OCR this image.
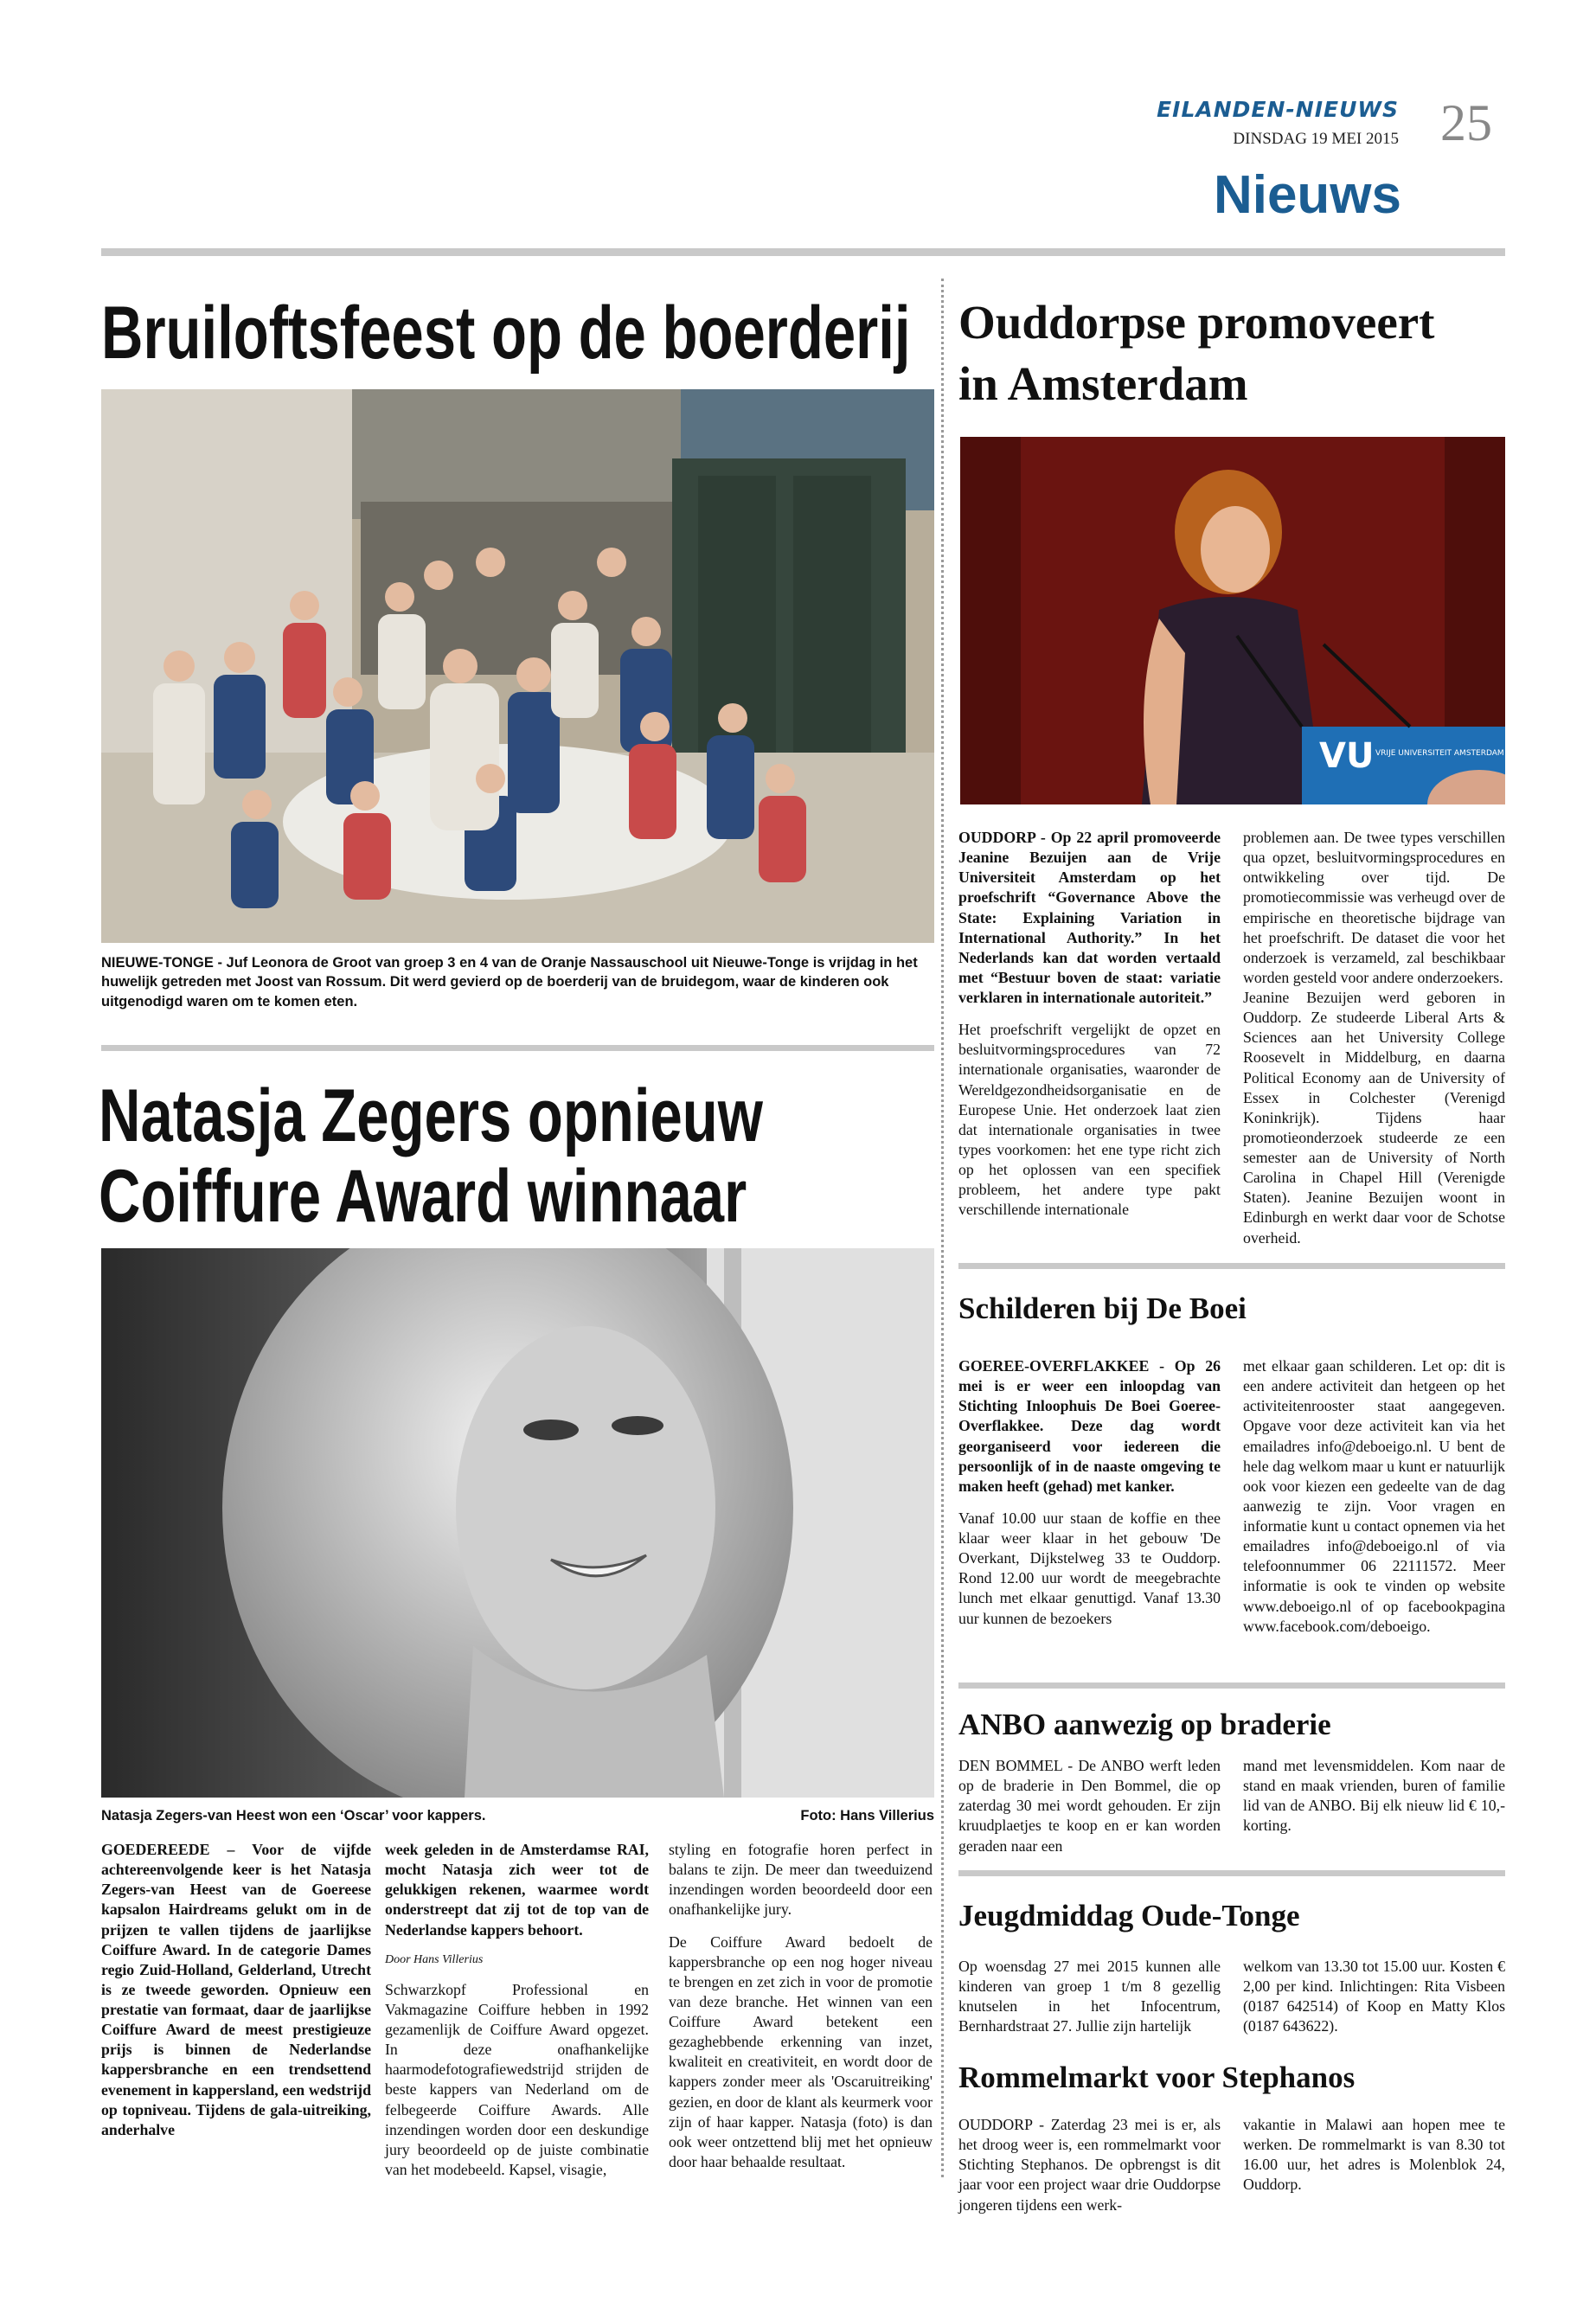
EILANDEN-NIEUWS
DINSDAG 19 MEI 2015 25
Nieuws
Bruiloftsfeest op de boerderij
NIEUWE-TONGE - Juf Leonora de Groot van groep 3 en 4 van de Oranje Nassauschool uit Nieuwe-Tonge is vrijdag in het huwelijk getreden met Joost van Rossum. Dit werd gevierd op de boerderij van de bruidegom, waar de kinderen ook uitgenodigd waren om te komen eten.
Natasja Zegers opnieuw
Coiffure Award winnaar
Natasja Zegers-van Heest won een ‘Oscar’ voor kappers.	Foto: Hans Villerius

GOEDEREEDE – Voor de vijfde achtereenvolgende keer is het Natasja Zegers-van Heest van de Goereese kapsalon Hairdreams gelukt om in de prijzen te vallen tijdens de jaarlijkse Coiffure Award. In de categorie Dames regio Zuid-Holland, Gelderland, Utrecht is ze tweede geworden. Opnieuw een prestatie van formaat, daar de jaarlijkse Coiffure Award de meest prestigieuze prijs is binnen de Nederlandse kappersbranche en een trendsettend evenement in kappersland, een wedstrijd op topniveau. Tijdens de gala-uitreiking, anderhalve

week geleden in de Amsterdamse RAI, mocht Natasja zich weer tot de gelukkigen rekenen, waarmee wordt onderstreept dat zij tot de top van de Nederlandse kappers behoort.

Door Hans Villerius

Schwarzkopf Professional en Vakmagazine Coiffure hebben in 1992 gezamenlijk de Coiffure Award opgezet. In deze onafhankelijke haarmodefotografiewedstrijd strijden de beste kappers van Nederland om de felbegeerde Coiffure Awards. Alle inzendingen worden door een deskundige jury beoordeeld op de juiste combinatie van het modebeeld. Kapsel, visagie,

styling en fotografie horen perfect in balans te zijn. De meer dan tweeduizend inzendingen worden beoordeeld door een onafhankelijke jury.

De Coiffure Award bedoelt de kappersbranche op een nog hoger niveau te brengen en zet zich in voor de promotie van deze branche. Het winnen van een Coiffure Award betekent een gezaghebbende erkenning van inzet, kwaliteit en creativiteit, en wordt door de kappers zonder meer als 'Oscaruitreiking' gezien, en door de klant als keurmerk voor zijn of haar kapper. Natasja (foto) is dan ook weer ontzettend blij met het opnieuw door haar behaalde resultaat.

Ouddorpse promoveert
in Amsterdam
VU VRIJE UNIVERSITEIT AMSTERDAM

OUDDORP - Op 22 april promoveerde Jeanine Bezuijen aan de Vrije Universiteit Amsterdam op het proefschrift “Governance Above the State: Explaining Variation in International Authority.” In het Nederlands kan dat worden vertaald met “Bestuur boven de staat: variatie verklaren in internationale autoriteit.”

Het proefschrift vergelijkt de opzet en besluitvormingsprocedures van 72 internationale organisaties, waaronder de Wereldgezondheidsorganisatie en de Europese Unie. Het onderzoek laat zien dat internationale organisaties in twee types voorkomen: het ene type richt zich op het oplossen van een specifiek probleem, het andere type pakt verschillende internationale

problemen aan. De twee types verschillen qua opzet, besluitvormingsprocedures en ontwikkeling over tijd. De promotiecommissie was verheugd over de empirische en theoretische bijdrage van het proefschrift. De dataset die voor het onderzoek is verzameld, zal beschikbaar worden gesteld voor andere onderzoekers.

Jeanine Bezuijen werd geboren in Ouddorp. Ze studeerde Liberal Arts & Sciences aan het University College Roosevelt in Middelburg, en daarna Political Economy aan de University of Essex in Colchester (Verenigd Koninkrijk). Tijdens haar promotieonderzoek studeerde ze een semester aan de University of North Carolina in Chapel Hill (Verenigde Staten). Jeanine Bezuijen woont in Edinburgh en werkt daar voor de Schotse overheid.

Schilderen bij De Boei

GOEREE-OVERFLAKKEE - Op 26 mei is er weer een inloopdag van Stichting Inloophuis De Boei Goeree-Overflakkee. Deze dag wordt georganiseerd voor iedereen die persoonlijk of in de naaste omgeving te maken heeft (gehad) met kanker.

Vanaf 10.00 uur staan de koffie en thee klaar weer klaar in het gebouw 'De Overkant, Dijkstelweg 33 te Ouddorp. Rond 12.00 uur wordt de meegebrachte lunch met elkaar genuttigd. Vanaf 13.30 uur kunnen de bezoekers

met elkaar gaan schilderen. Let op: dit is een andere activiteit dan hetgeen op het activiteitenrooster staat aangegeven. Opgave voor deze activiteit kan via het emailadres info@deboeigo.nl. U bent de hele dag welkom maar u kunt er natuurlijk ook voor kiezen een gedeelte van de dag aanwezig te zijn. Voor vragen en informatie kunt u contact opnemen via het emailadres info@deboeigo.nl of via telefoonnummer 06 22111572. Meer informatie is ook te vinden op website www.deboeigo.nl of op facebookpagina www.facebook.com/deboeigo.

ANBO aanwezig op braderie

DEN BOMMEL - De ANBO werft leden op de braderie in Den Bommel, die op zaterdag 30 mei wordt gehouden. Er zijn kruudplaetjes te koop en er kan worden geraden naar een

mand met levensmiddelen. Kom naar de stand en maak vrienden, buren of familie lid van de ANBO. Bij elk nieuw lid € 10,- korting.

Jeugdmiddag Oude-Tonge

Op woensdag 27 mei 2015 kunnen alle kinderen van groep 1 t/m 8 gezellig knutselen in het Infocentrum, Bernhardstraat 27. Jullie zijn hartelijk

welkom van 13.30 tot 15.00 uur. Kosten € 2,00 per kind. Inlichtingen: Rita Visbeen (0187 642514) of Koop en Matty Klos (0187 643622).

Rommelmarkt voor Stephanos

OUDDORP - Zaterdag 23 mei is er, als het droog weer is, een rommelmarkt voor Stichting Stephanos. De opbrengst is dit jaar voor een project waar drie Ouddorpse jongeren tijdens een werk-

vakantie in Malawi aan hopen mee te werken. De rommelmarkt is van 8.30 tot 16.00 uur, het adres is Molenblok 24, Ouddorp.
